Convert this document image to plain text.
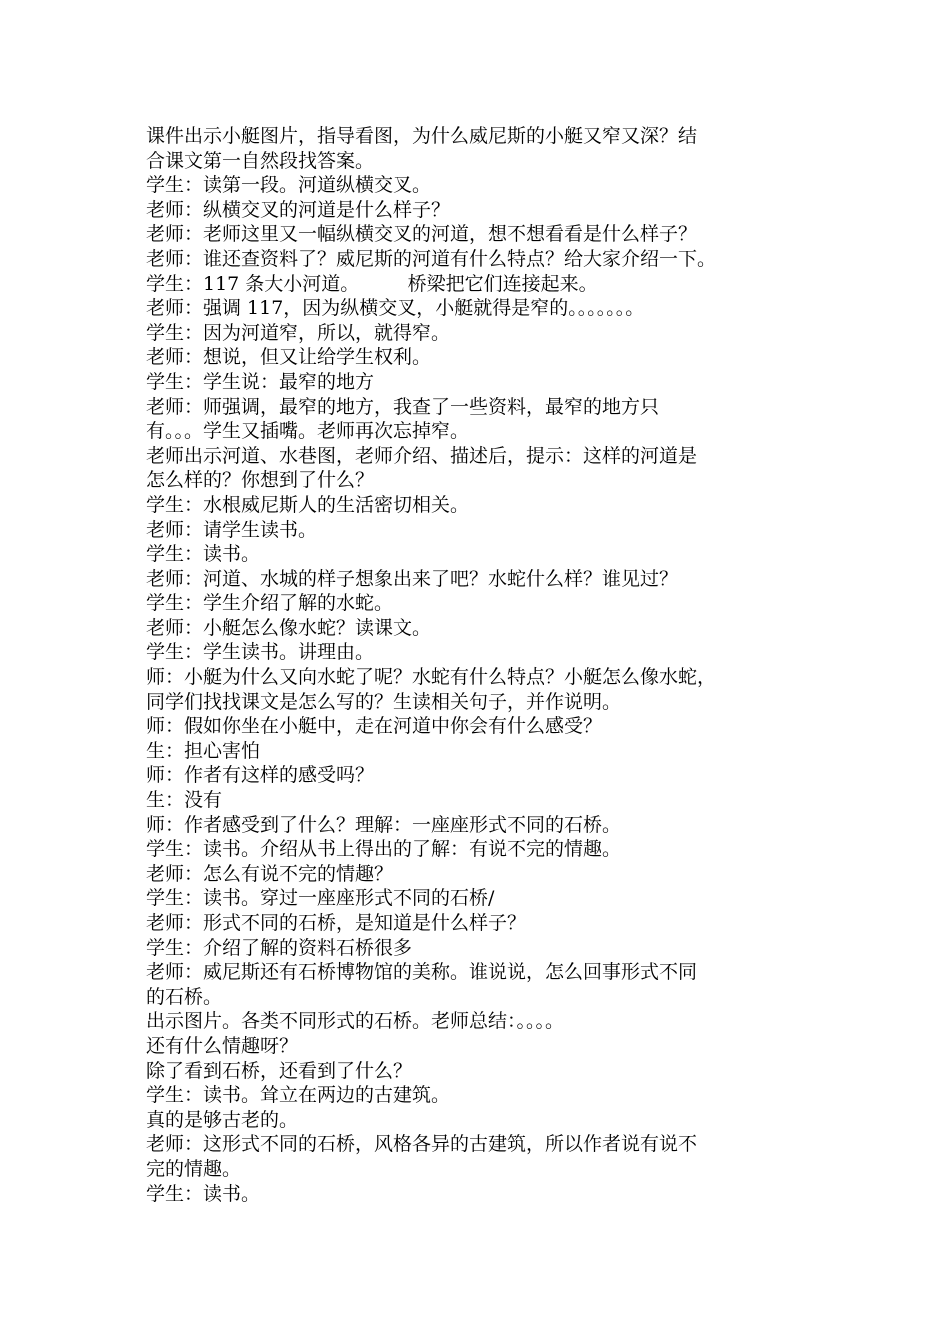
课件出示小艇图片，指导看图，为什么威尼斯的小艇又窄又深？结
合课文第一自然段找答案。
学生：读第一段。河道纵横交叉。
老师：纵横交叉的河道是什么样子？
老师：老师这里又一幅纵横交叉的河道，想不想看看是什么样子？
老师：谁还查资料了？威尼斯的河道有什么特点？给大家介绍一下。
学生：117 条大小河道。        桥梁把它们连接起来。
老师：强调 117，因为纵横交叉，小艇就得是窄的。。。。。。。
学生：因为河道窄，所以，就得窄。
老师：想说，但又让给学生权利。
学生：学生说：最窄的地方
老师：师强调，最窄的地方，我查了一些资料，最窄的地方只
有。。。学生又插嘴。老师再次忘掉窄。
老师出示河道、水巷图，老师介绍、描述后，提示：这样的河道是
怎么样的？你想到了什么？
学生：水根威尼斯人的生活密切相关。
老师：请学生读书。
学生：读书。
老师：河道、水城的样子想象出来了吧？水蛇什么样？谁见过？
学生：学生介绍了解的水蛇。
老师：小艇怎么像水蛇？读课文。
学生：学生读书。讲理由。
师：小艇为什么又向水蛇了呢？水蛇有什么特点？小艇怎么像水蛇，
同学们找找课文是怎么写的？生读相关句子，并作说明。
师：假如你坐在小艇中，走在河道中你会有什么感受？
生：担心害怕
师：作者有这样的感受吗？
生：没有
师：作者感受到了什么？理解：一座座形式不同的石桥。
学生：读书。介绍从书上得出的了解：有说不完的情趣。
老师：怎么有说不完的情趣？
学生：读书。穿过一座座形式不同的石桥/
老师：形式不同的石桥，是知道是什么样子？
学生：介绍了解的资料石桥很多
老师：威尼斯还有石桥博物馆的美称。谁说说，怎么回事形式不同
的石桥。
出示图片。各类不同形式的石桥。老师总结：。。。。
还有什么情趣呀？
除了看到石桥，还看到了什么？
学生：读书。耸立在两边的古建筑。
真的是够古老的。
老师：这形式不同的石桥，风格各异的古建筑，所以作者说有说不
完的情趣。
学生：读书。
